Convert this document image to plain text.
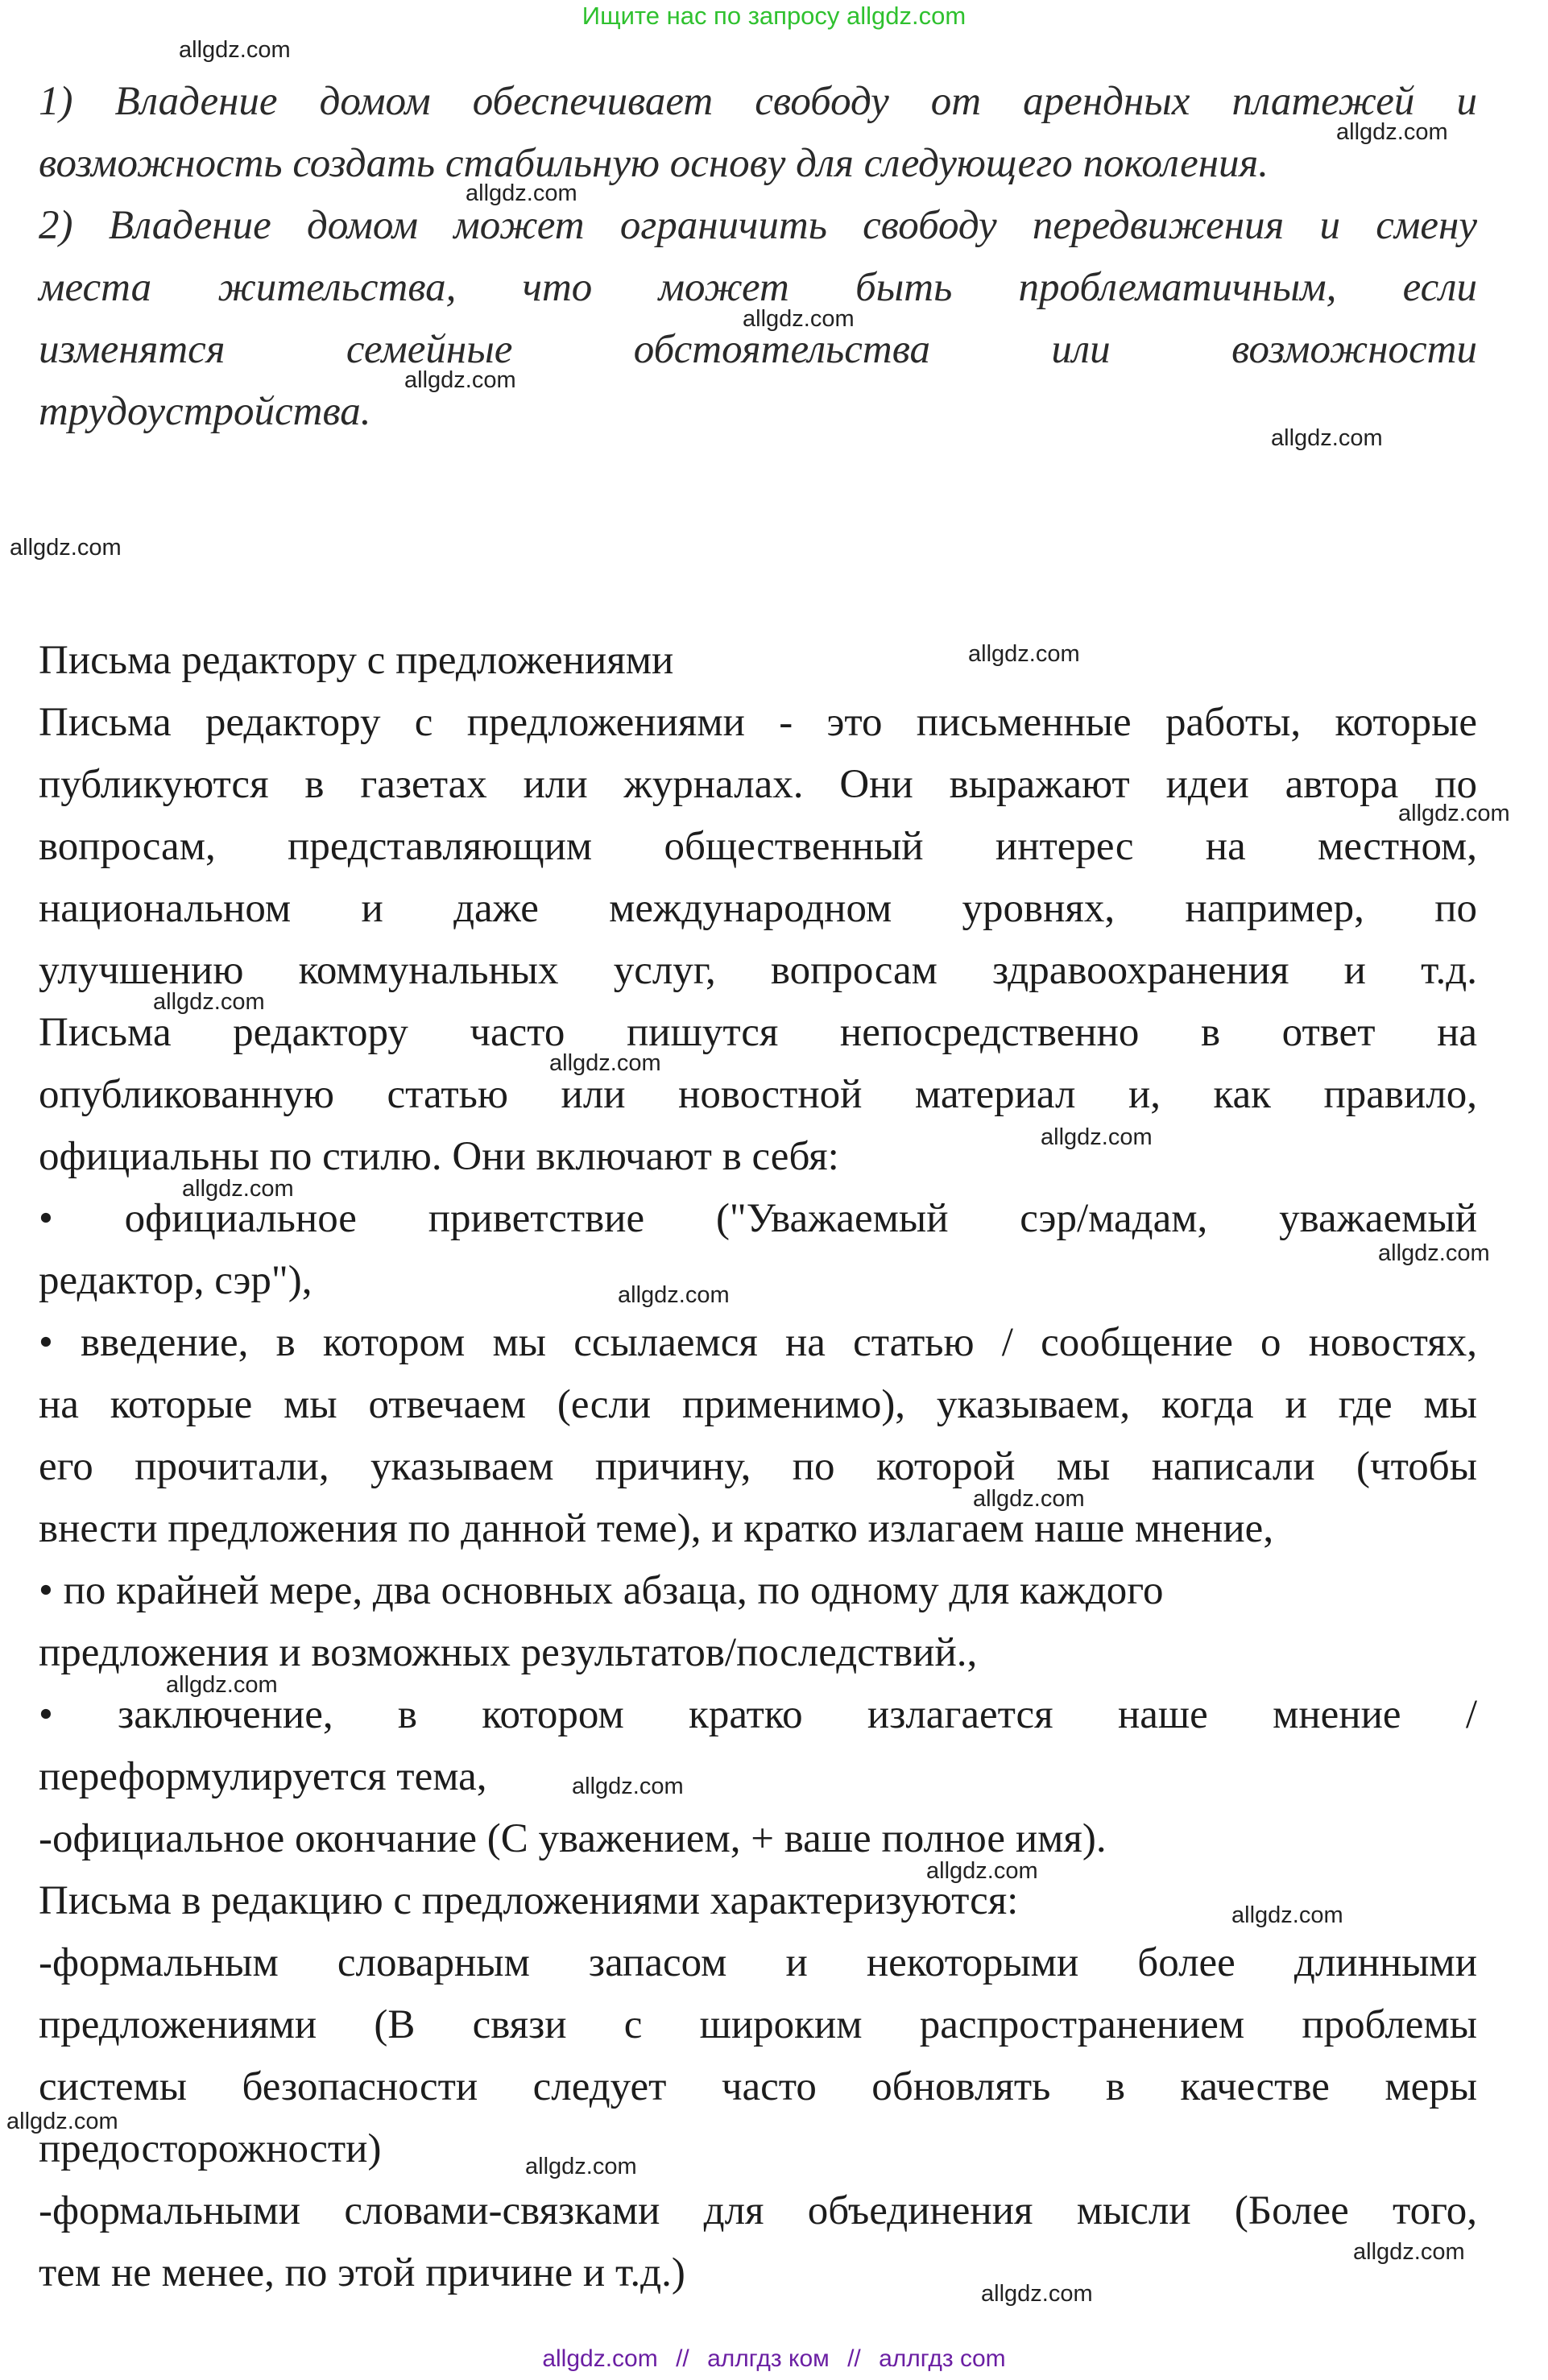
Ищите нас по запросу allgdz.com
1) Владение домом обеспечивает свободу от арендных платежей и
возможность создать стабильную основу для следующего поколения.
2) Владение домом может ограничить свободу передвижения и смену
места жительства, что может быть проблематичным, если
изменятся семейные обстоятельства или возможности
трудоустройства.
Письма редактору с предложениями
Письма редактору с предложениями - это письменные работы, которые
публикуются в газетах или журналах. Они выражают идеи автора по
вопросам, представляющим общественный интерес на местном,
национальном и даже международном уровнях, например, по
улучшению коммунальных услуг, вопросам здравоохранения и т.д.
Письма редактору часто пишутся непосредственно в ответ на
опубликованную статью или новостной материал и, как правило,
официальны по стилю. Они включают в себя:
• официальное приветствие ("Уважаемый сэр/мадам, уважаемый
редактор, сэр"),
• введение, в котором мы ссылаемся на статью / сообщение о новостях,
на которые мы отвечаем (если применимо), указываем, когда и где мы
его прочитали, указываем причину, по которой мы написали (чтобы
внести предложения по данной теме), и кратко излагаем наше мнение,
• по крайней мере, два основных абзаца, по одному для каждого
предложения и возможных результатов/последствий.,
• заключение, в котором кратко излагается наше мнение /
переформулируется тема,
-официальное окончание (С уважением, + ваше полное имя).
Письма в редакцию с предложениями характеризуются:
-формальным словарным запасом и некоторыми более длинными
предложениями (В связи с широким распространением проблемы
системы безопасности следует часто обновлять в качестве меры
предосторожности)
-формальными словами-связками для объединения мысли (Более того,
тем не менее, по этой причине и т.д.)
allgdz.com
allgdz.com
allgdz.com
allgdz.com
allgdz.com
allgdz.com
allgdz.com
allgdz.com
allgdz.com
allgdz.com
allgdz.com
allgdz.com
allgdz.com
allgdz.com
allgdz.com
allgdz.com
allgdz.com
allgdz.com
allgdz.com
allgdz.com
allgdz.com
allgdz.com
allgdz.com
allgdz.com
allgdz.com // аллгдз ком // аллгдз com
